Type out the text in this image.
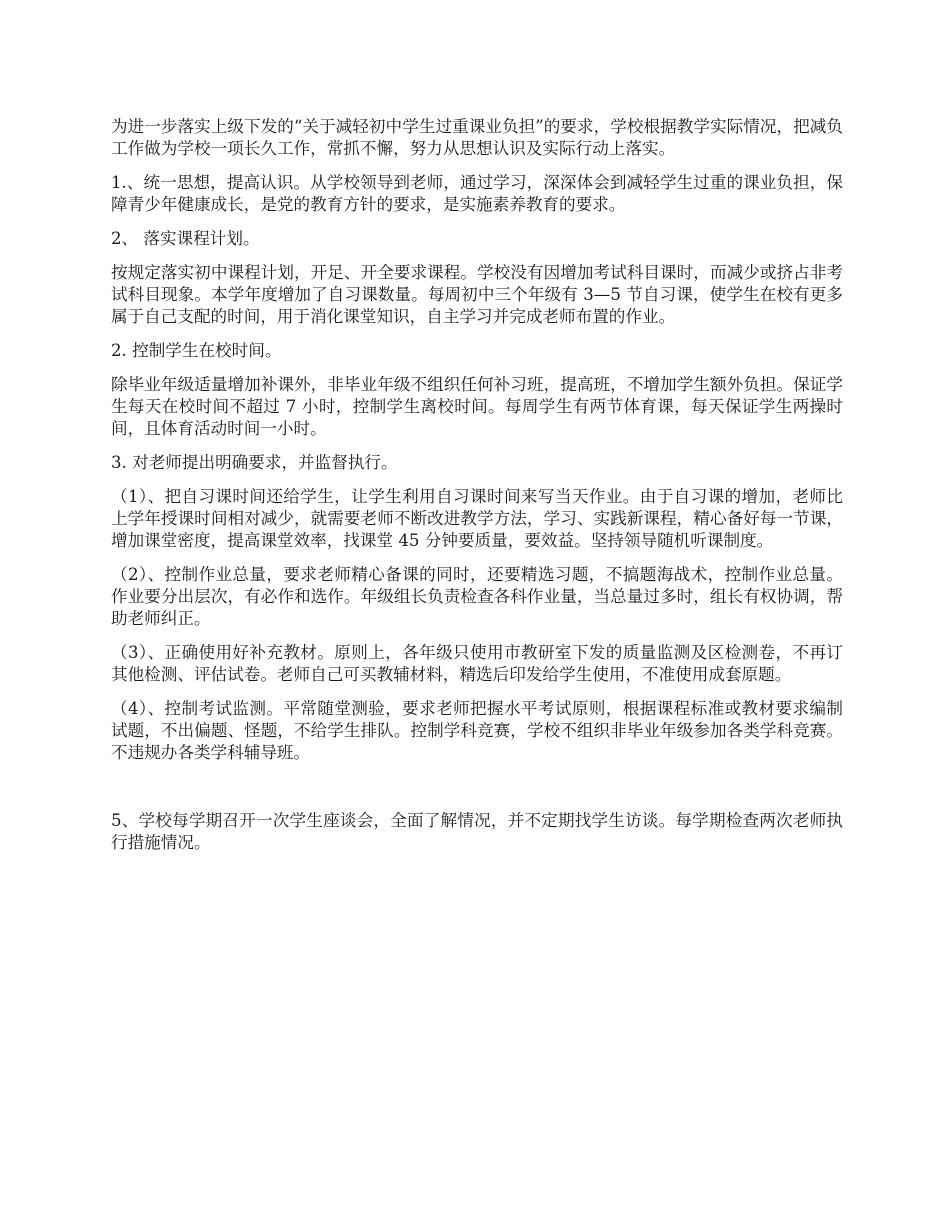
为进一步落实上级下发的“关于减轻初中学生过重课业负担”的要求，学校根据教学实际情况，把减负工作做为学校一项长久工作，常抓不懈，努力从思想认识及实际行动上落实。

1.、统一思想，提高认识。从学校领导到老师，通过学习，深深体会到减轻学生过重的课业负担，保障青少年健康成长，是党的教育方针的要求，是实施素养教育的要求。

2、 落实课程计划。

按规定落实初中课程计划，开足、开全要求课程。学校没有因增加考试科目课时，而减少或挤占非考试科目现象。本学年度增加了自习课数量。每周初中三个年级有 3—5 节自习课，使学生在校有更多属于自己支配的时间，用于消化课堂知识，自主学习并完成老师布置的作业。

2. 控制学生在校时间。

除毕业年级适量增加补课外，非毕业年级不组织任何补习班，提高班，不增加学生额外负担。保证学生每天在校时间不超过 7 小时，控制学生离校时间。每周学生有两节体育课，每天保证学生两操时间，且体育活动时间一小时。

3. 对老师提出明确要求，并监督执行。

（1）、把自习课时间还给学生，让学生利用自习课时间来写当天作业。由于自习课的增加，老师比上学年授课时间相对减少，就需要老师不断改进教学方法，学习、实践新课程，精心备好每一节课，增加课堂密度，提高课堂效率，找课堂 45 分钟要质量，要效益。坚持领导随机听课制度。

（2）、控制作业总量，要求老师精心备课的同时，还要精选习题，不搞题海战术，控制作业总量。作业要分出层次，有必作和选作。年级组长负责检查各科作业量，当总量过多时，组长有权协调，帮助老师纠正。

（3）、正确使用好补充教材。原则上，各年级只使用市教研室下发的质量监测及区检测卷，不再订其他检测、评估试卷。老师自己可买教辅材料，精选后印发给学生使用，不准使用成套原题。

（4）、控制考试监测。平常随堂测验，要求老师把握水平考试原则，根据课程标准或教材要求编制试题，不出偏题、怪题，不给学生排队。控制学科竞赛，学校不组织非毕业年级参加各类学科竞赛。不违规办各类学科辅导班。

5、学校每学期召开一次学生座谈会，全面了解情况，并不定期找学生访谈。每学期检查两次老师执行措施情况。
